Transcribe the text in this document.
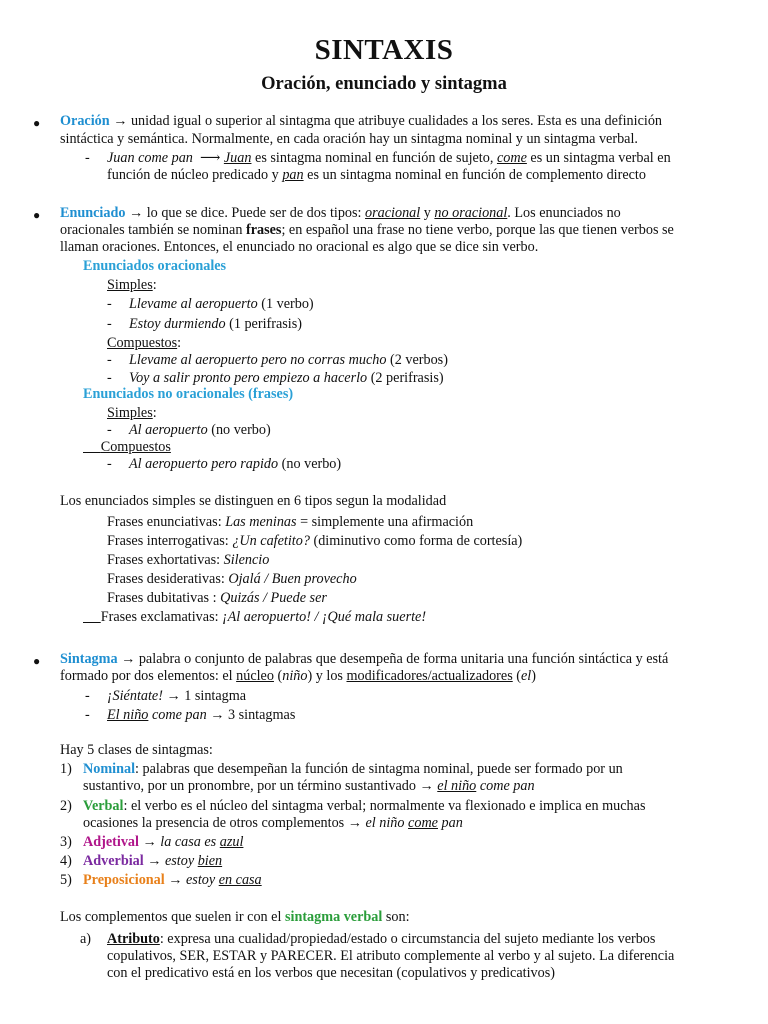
SINTAXIS
Oración, enunciado y sintagma
● Oración → unidad igual o superior al sintagma que atribuye cualidades a los seres. Esta es una definición
sintáctica y semántica. Normalmente, en cada oración hay un sintagma nominal y un sintagma verbal.
- Juan come pan  ⟶ Juan es sintagma nominal en función de sujeto, come es un sintagma verbal en
función de núcleo predicado y pan es un sintagma nominal en función de complemento directo
● Enunciado → lo que se dice. Puede ser de dos tipos: oracional y no oracional. Los enunciados no
oracionales también se nominan frases; en español una frase no tiene verbo, porque las que tienen verbos se
llaman oraciones. Entonces, el enunciado no oracional es algo que se dice sin verbo.
Enunciados oracionales
Simples:
- Llevame al aeropuerto (1 verbo)
- Estoy durmiendo (1 perifrasis)
Compuestos:
- Llevame al aeropuerto pero no corras mucho (2 verbos)
- Voy a salir pronto pero empiezo a hacerlo (2 perifrasis)
Enunciados no oracionales (frases)
Simples:
- Al aeropuerto (no verbo)
Compuestos
- Al aeropuerto pero rapido (no verbo)
Los enunciados simples se distinguen en 6 tipos segun la modalidad
Frases enunciativas: Las meninas = simplemente una afirmación
Frases interrogativas: ¿Un cafetito? (diminutivo como forma de cortesía)
Frases exhortativas: Silencio
Frases desiderativas: Ojalá / Buen provecho
Frases dubitativas : Quizás / Puede ser
Frases exclamativas: ¡Al aeropuerto! / ¡Qué mala suerte!
● Sintagma → palabra o conjunto de palabras que desempeña de forma unitaria una función sintáctica y está
formado por dos elementos: el núcleo (niño) y los modificadores/actualizadores (el)
- ¡Siéntate! → 1 sintagma
- El niño come pan → 3 sintagmas
Hay 5 clases de sintagmas:
1) Nominal: palabras que desempeñan la función de sintagma nominal, puede ser formado por un
sustantivo, por un pronombre, por un término sustantivado → el niño come pan
2) Verbal: el verbo es el núcleo del sintagma verbal; normalmente va flexionado e implica en muchas
ocasiones la presencia de otros complementos → el niño come pan
3) Adjetival → la casa es azul
4) Adverbial → estoy bien
5) Preposicional → estoy en casa
Los complementos que suelen ir con el sintagma verbal son:
a) Atributo: expresa una cualidad/propiedad/estado o circumstancia del sujeto mediante los verbos
copulativos, SER, ESTAR y PARECER. El atributo complemente al verbo y al sujeto. La diferencia
con el predicativo está en los verbos que necesitan (copulativos y predicativos)
